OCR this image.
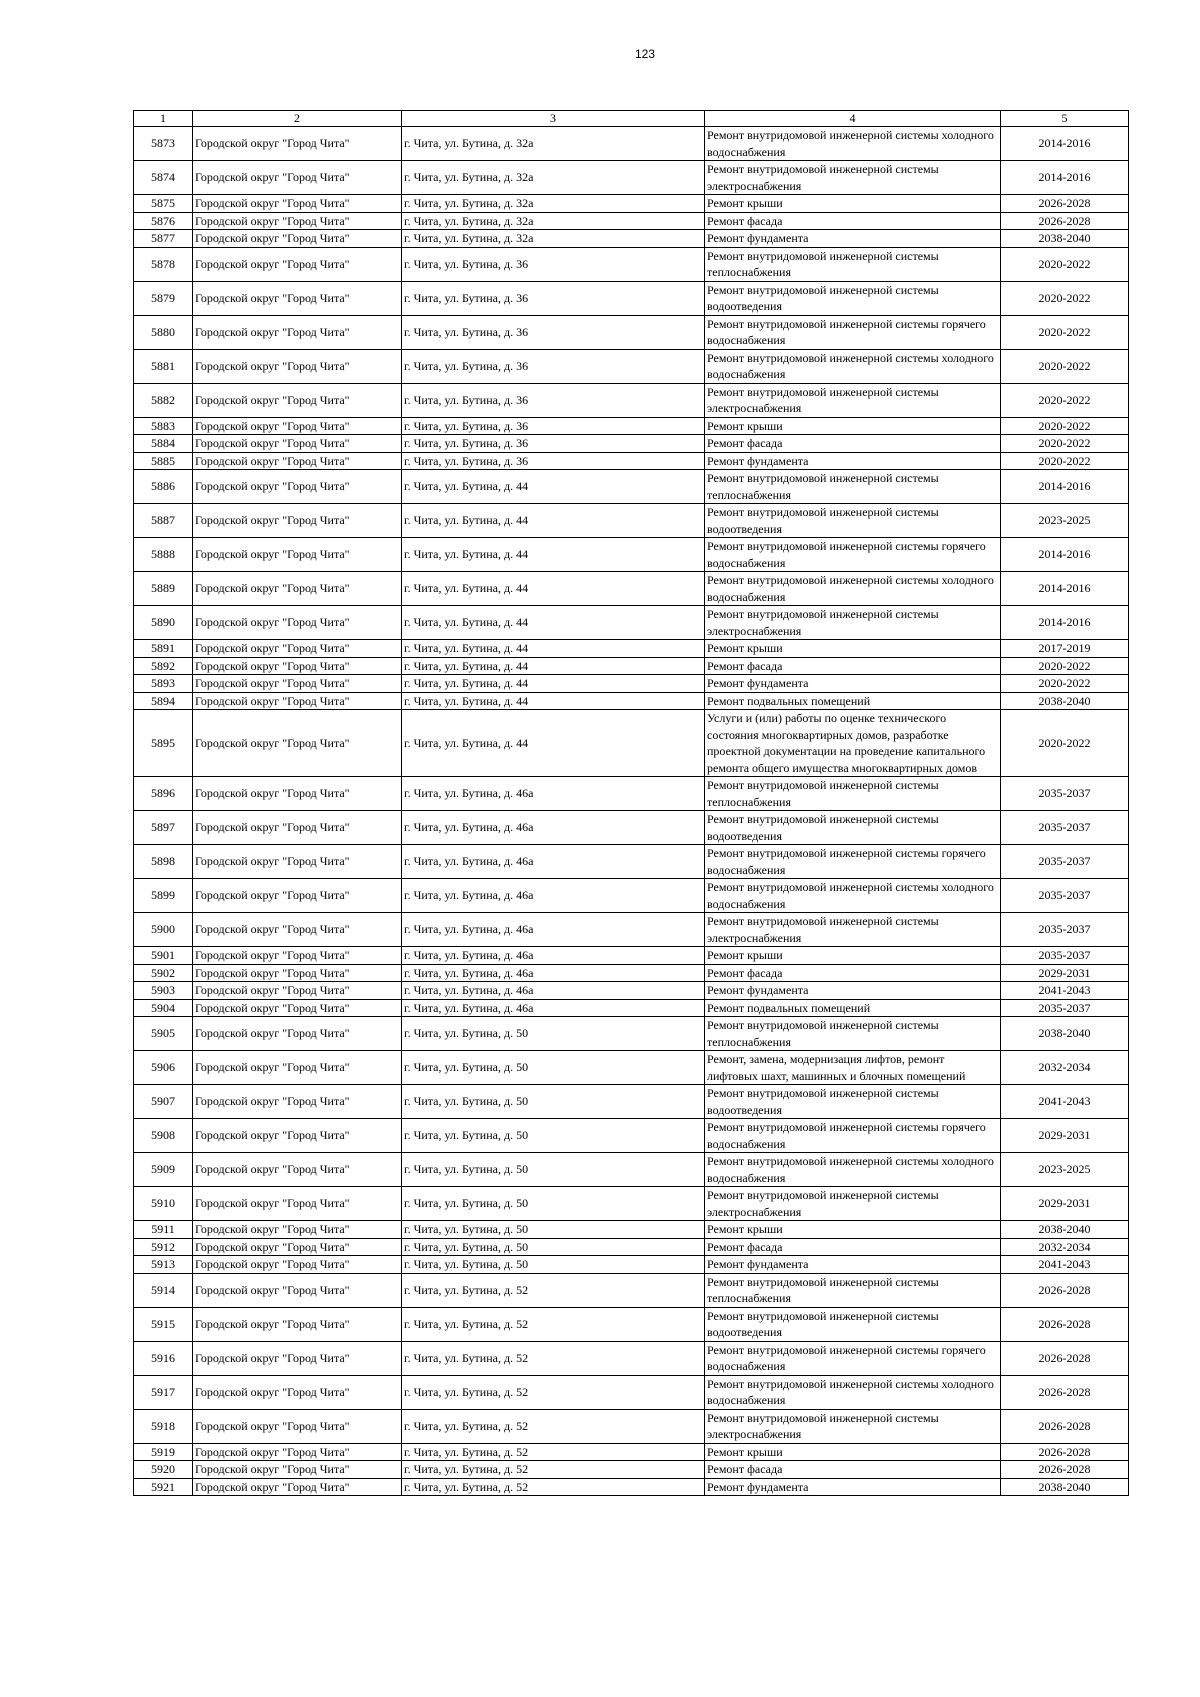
123
1	2	3	4	5
5873	Городской округ "Город Чита"	г. Чита, ул. Бутина, д. 32а	Ремонт внутридомовой инженерной системы холодного водоснабжения	2014-2016
5874	Городской округ "Город Чита"	г. Чита, ул. Бутина, д. 32а	Ремонт внутридомовой инженерной системы электроснабжения	2014-2016
5875	Городской округ "Город Чита"	г. Чита, ул. Бутина, д. 32а	Ремонт крыши	2026-2028
5876	Городской округ "Город Чита"	г. Чита, ул. Бутина, д. 32а	Ремонт фасада	2026-2028
5877	Городской округ "Город Чита"	г. Чита, ул. Бутина, д. 32а	Ремонт фундамента	2038-2040
5878	Городской округ "Город Чита"	г. Чита, ул. Бутина, д. 36	Ремонт внутридомовой инженерной системы теплоснабжения	2020-2022
5879	Городской округ "Город Чита"	г. Чита, ул. Бутина, д. 36	Ремонт внутридомовой инженерной системы водоотведения	2020-2022
5880	Городской округ "Город Чита"	г. Чита, ул. Бутина, д. 36	Ремонт внутридомовой инженерной системы горячего водоснабжения	2020-2022
5881	Городской округ "Город Чита"	г. Чита, ул. Бутина, д. 36	Ремонт внутридомовой инженерной системы холодного водоснабжения	2020-2022
5882	Городской округ "Город Чита"	г. Чита, ул. Бутина, д. 36	Ремонт внутридомовой инженерной системы электроснабжения	2020-2022
5883	Городской округ "Город Чита"	г. Чита, ул. Бутина, д. 36	Ремонт крыши	2020-2022
5884	Городской округ "Город Чита"	г. Чита, ул. Бутина, д. 36	Ремонт фасада	2020-2022
5885	Городской округ "Город Чита"	г. Чита, ул. Бутина, д. 36	Ремонт фундамента	2020-2022
5886	Городской округ "Город Чита"	г. Чита, ул. Бутина, д. 44	Ремонт внутридомовой инженерной системы теплоснабжения	2014-2016
5887	Городской округ "Город Чита"	г. Чита, ул. Бутина, д. 44	Ремонт внутридомовой инженерной системы водоотведения	2023-2025
5888	Городской округ "Город Чита"	г. Чита, ул. Бутина, д. 44	Ремонт внутридомовой инженерной системы горячего водоснабжения	2014-2016
5889	Городской округ "Город Чита"	г. Чита, ул. Бутина, д. 44	Ремонт внутридомовой инженерной системы холодного водоснабжения	2014-2016
5890	Городской округ "Город Чита"	г. Чита, ул. Бутина, д. 44	Ремонт внутридомовой инженерной системы электроснабжения	2014-2016
5891	Городской округ "Город Чита"	г. Чита, ул. Бутина, д. 44	Ремонт крыши	2017-2019
5892	Городской округ "Город Чита"	г. Чита, ул. Бутина, д. 44	Ремонт фасада	2020-2022
5893	Городской округ "Город Чита"	г. Чита, ул. Бутина, д. 44	Ремонт фундамента	2020-2022
5894	Городской округ "Город Чита"	г. Чита, ул. Бутина, д. 44	Ремонт подвальных помещений	2038-2040
5895	Городской округ "Город Чита"	г. Чита, ул. Бутина, д. 44	Услуги и (или) работы по оценке технического состояния многоквартирных домов, разработке проектной документации на проведение капитального ремонта общего имущества многоквартирных домов	2020-2022
5896	Городской округ "Город Чита"	г. Чита, ул. Бутина, д. 46а	Ремонт внутридомовой инженерной системы теплоснабжения	2035-2037
5897	Городской округ "Город Чита"	г. Чита, ул. Бутина, д. 46а	Ремонт внутридомовой инженерной системы водоотведения	2035-2037
5898	Городской округ "Город Чита"	г. Чита, ул. Бутина, д. 46а	Ремонт внутридомовой инженерной системы горячего водоснабжения	2035-2037
5899	Городской округ "Город Чита"	г. Чита, ул. Бутина, д. 46а	Ремонт внутридомовой инженерной системы холодного водоснабжения	2035-2037
5900	Городской округ "Город Чита"	г. Чита, ул. Бутина, д. 46а	Ремонт внутридомовой инженерной системы электроснабжения	2035-2037
5901	Городской округ "Город Чита"	г. Чита, ул. Бутина, д. 46а	Ремонт крыши	2035-2037
5902	Городской округ "Город Чита"	г. Чита, ул. Бутина, д. 46а	Ремонт фасада	2029-2031
5903	Городской округ "Город Чита"	г. Чита, ул. Бутина, д. 46а	Ремонт фундамента	2041-2043
5904	Городской округ "Город Чита"	г. Чита, ул. Бутина, д. 46а	Ремонт подвальных помещений	2035-2037
5905	Городской округ "Город Чита"	г. Чита, ул. Бутина, д. 50	Ремонт внутридомовой инженерной системы теплоснабжения	2038-2040
5906	Городской округ "Город Чита"	г. Чита, ул. Бутина, д. 50	Ремонт, замена, модернизация лифтов, ремонт лифтовых шахт, машинных и блочных помещений	2032-2034
5907	Городской округ "Город Чита"	г. Чита, ул. Бутина, д. 50	Ремонт внутридомовой инженерной системы водоотведения	2041-2043
5908	Городской округ "Город Чита"	г. Чита, ул. Бутина, д. 50	Ремонт внутридомовой инженерной системы горячего водоснабжения	2029-2031
5909	Городской округ "Город Чита"	г. Чита, ул. Бутина, д. 50	Ремонт внутридомовой инженерной системы холодного водоснабжения	2023-2025
5910	Городской округ "Город Чита"	г. Чита, ул. Бутина, д. 50	Ремонт внутридомовой инженерной системы электроснабжения	2029-2031
5911	Городской округ "Город Чита"	г. Чита, ул. Бутина, д. 50	Ремонт крыши	2038-2040
5912	Городской округ "Город Чита"	г. Чита, ул. Бутина, д. 50	Ремонт фасада	2032-2034
5913	Городской округ "Город Чита"	г. Чита, ул. Бутина, д. 50	Ремонт фундамента	2041-2043
5914	Городской округ "Город Чита"	г. Чита, ул. Бутина, д. 52	Ремонт внутридомовой инженерной системы теплоснабжения	2026-2028
5915	Городской округ "Город Чита"	г. Чита, ул. Бутина, д. 52	Ремонт внутридомовой инженерной системы водоотведения	2026-2028
5916	Городской округ "Город Чита"	г. Чита, ул. Бутина, д. 52	Ремонт внутридомовой инженерной системы горячего водоснабжения	2026-2028
5917	Городской округ "Город Чита"	г. Чита, ул. Бутина, д. 52	Ремонт внутридомовой инженерной системы холодного водоснабжения	2026-2028
5918	Городской округ "Город Чита"	г. Чита, ул. Бутина, д. 52	Ремонт внутридомовой инженерной системы электроснабжения	2026-2028
5919	Городской округ "Город Чита"	г. Чита, ул. Бутина, д. 52	Ремонт крыши	2026-2028
5920	Городской округ "Город Чита"	г. Чита, ул. Бутина, д. 52	Ремонт фасада	2026-2028
5921	Городской округ "Город Чита"	г. Чита, ул. Бутина, д. 52	Ремонт фундамента	2038-2040
